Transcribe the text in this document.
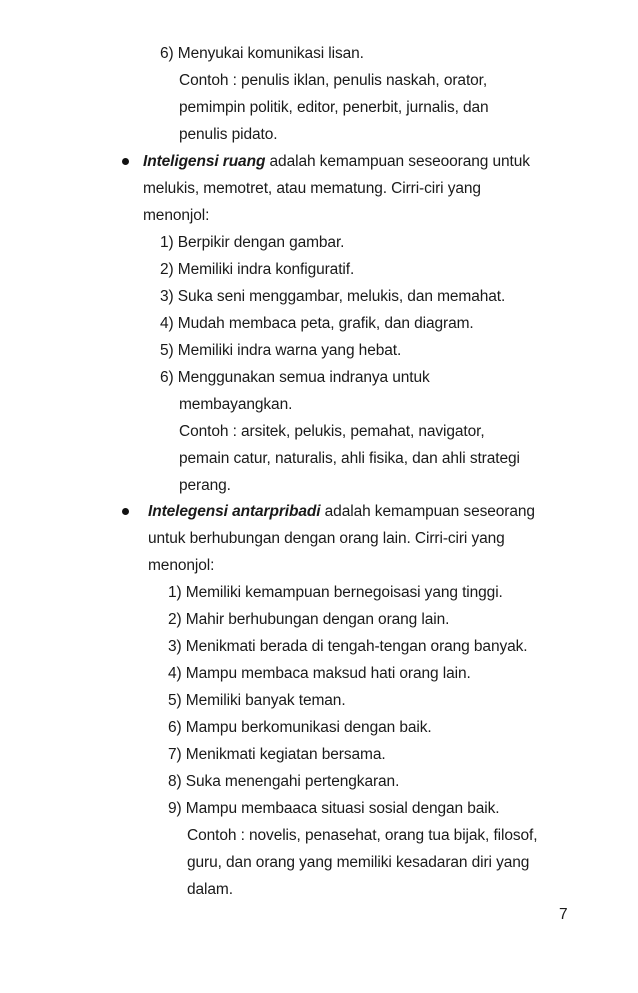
6) Menyukai komunikasi lisan.
Contoh : penulis iklan, penulis naskah, orator,
pemimpin politik, editor, penerbit, jurnalis, dan
penulis pidato.
Inteligensi ruang adalah kemampuan seseoorang untuk
melukis, memotret, atau mematung. Cirri-ciri yang
menonjol:
1) Berpikir dengan gambar.
2) Memiliki indra konfiguratif.
3) Suka seni menggambar, melukis, dan memahat.
4) Mudah membaca peta, grafik, dan diagram.
5) Memiliki indra warna yang hebat.
6) Menggunakan semua indranya untuk
membayangkan.
Contoh : arsitek, pelukis, pemahat, navigator,
pemain catur, naturalis, ahli fisika, dan ahli strategi
perang.
Intelegensi antarpribadi adalah kemampuan seseorang
untuk berhubungan dengan orang lain. Cirri-ciri yang
menonjol:
1) Memiliki kemampuan bernegoisasi yang tinggi.
2) Mahir berhubungan dengan orang lain.
3) Menikmati berada di tengah-tengan orang banyak.
4) Mampu membaca maksud hati orang lain.
5) Memiliki banyak teman.
6) Mampu berkomunikasi dengan baik.
7) Menikmati kegiatan bersama.
8) Suka menengahi pertengkaran.
9) Mampu membaaca situasi sosial dengan baik.
Contoh : novelis, penasehat, orang tua bijak, filosof,
guru, dan orang yang memiliki kesadaran diri yang
dalam.
7
